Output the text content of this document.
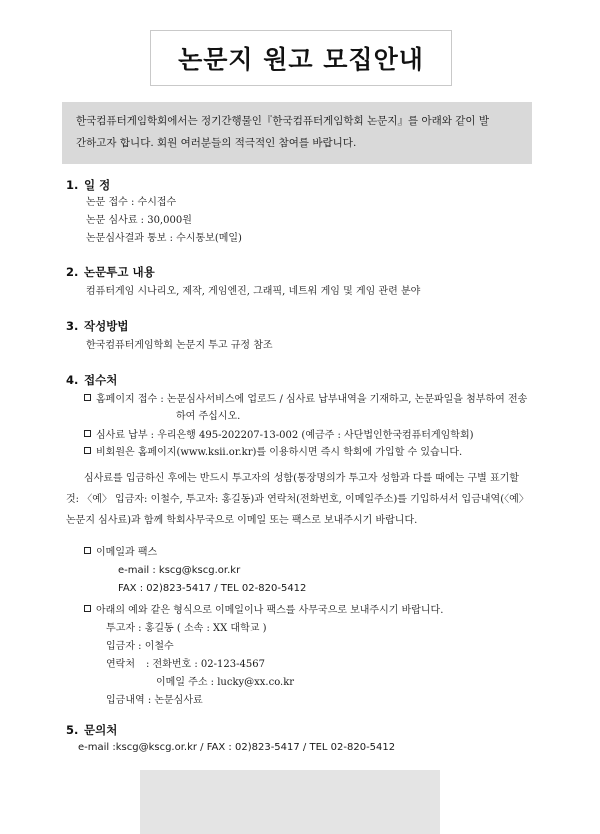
논문지 원고 모집안내

한국컴퓨터게임학회에서는 정기간행물인『한국컴퓨터게임학회 논문지』를 아래와 같이 발

간하고자 합니다. 회원 여러분들의 적극적인 참여를 바랍니다.

1. 일 정
논문 접수 : 수시접수
논문 심사료 : 30,000원
논문심사결과 통보 : 수시통보(메일)
2. 논문투고 내용
컴퓨터게임 시나리오, 제작, 게임엔진, 그래픽, 네트워 게임 및 게임 관련 분야
3. 작성방법
한국컴퓨터게임학회 논문지 투고 규정 참조
4. 접수처
홈페이지 접수 : 논문심사서비스에 업로드 / 심사료 납부내역을 기재하고, 논문파일을 첨부하여 전송
하여 주십시오.
심사료 납부 : 우리은행 495-202207-13-002 (예금주 : 사단법인한국컴퓨터게임학회)
비회원은 홈페이지(www.ksii.or.kr)를 이용하시면 즉시 학회에 가입할 수 있습니다.
심사료를 입금하신 후에는 반드시 투고자의 성함(통장명의가 투고자 성함과 다를 때에는 구별 표기할
것: 〈예〉 입금자: 이철수, 투고자: 홍길동)과 연락처(전화번호, 이메일주소)를 기입하셔서 입금내역(〈예〉
논문지 심사료)과 함께 학회사무국으로 이메일 또는 팩스로 보내주시기 바랍니다.
이메일과 팩스
e-mail : kscg@kscg.or.kr
FAX : 02)823-5417 / TEL 02-820-5412
아래의 예와 같은 형식으로 이메일이나 팩스를 사무국으로 보내주시기 바랍니다.
투고자 : 홍길동 ( 소속 : XX 대학교 )
입금자 : 이철수
연락처 : 전화번호 : 02-123-4567
이메일 주소 : lucky@xx.co.kr
입금내역 : 논문심사료
5. 문의처
e-mail :kscg@kscg.or.kr / FAX : 02)823-5417 / TEL 02-820-5412
